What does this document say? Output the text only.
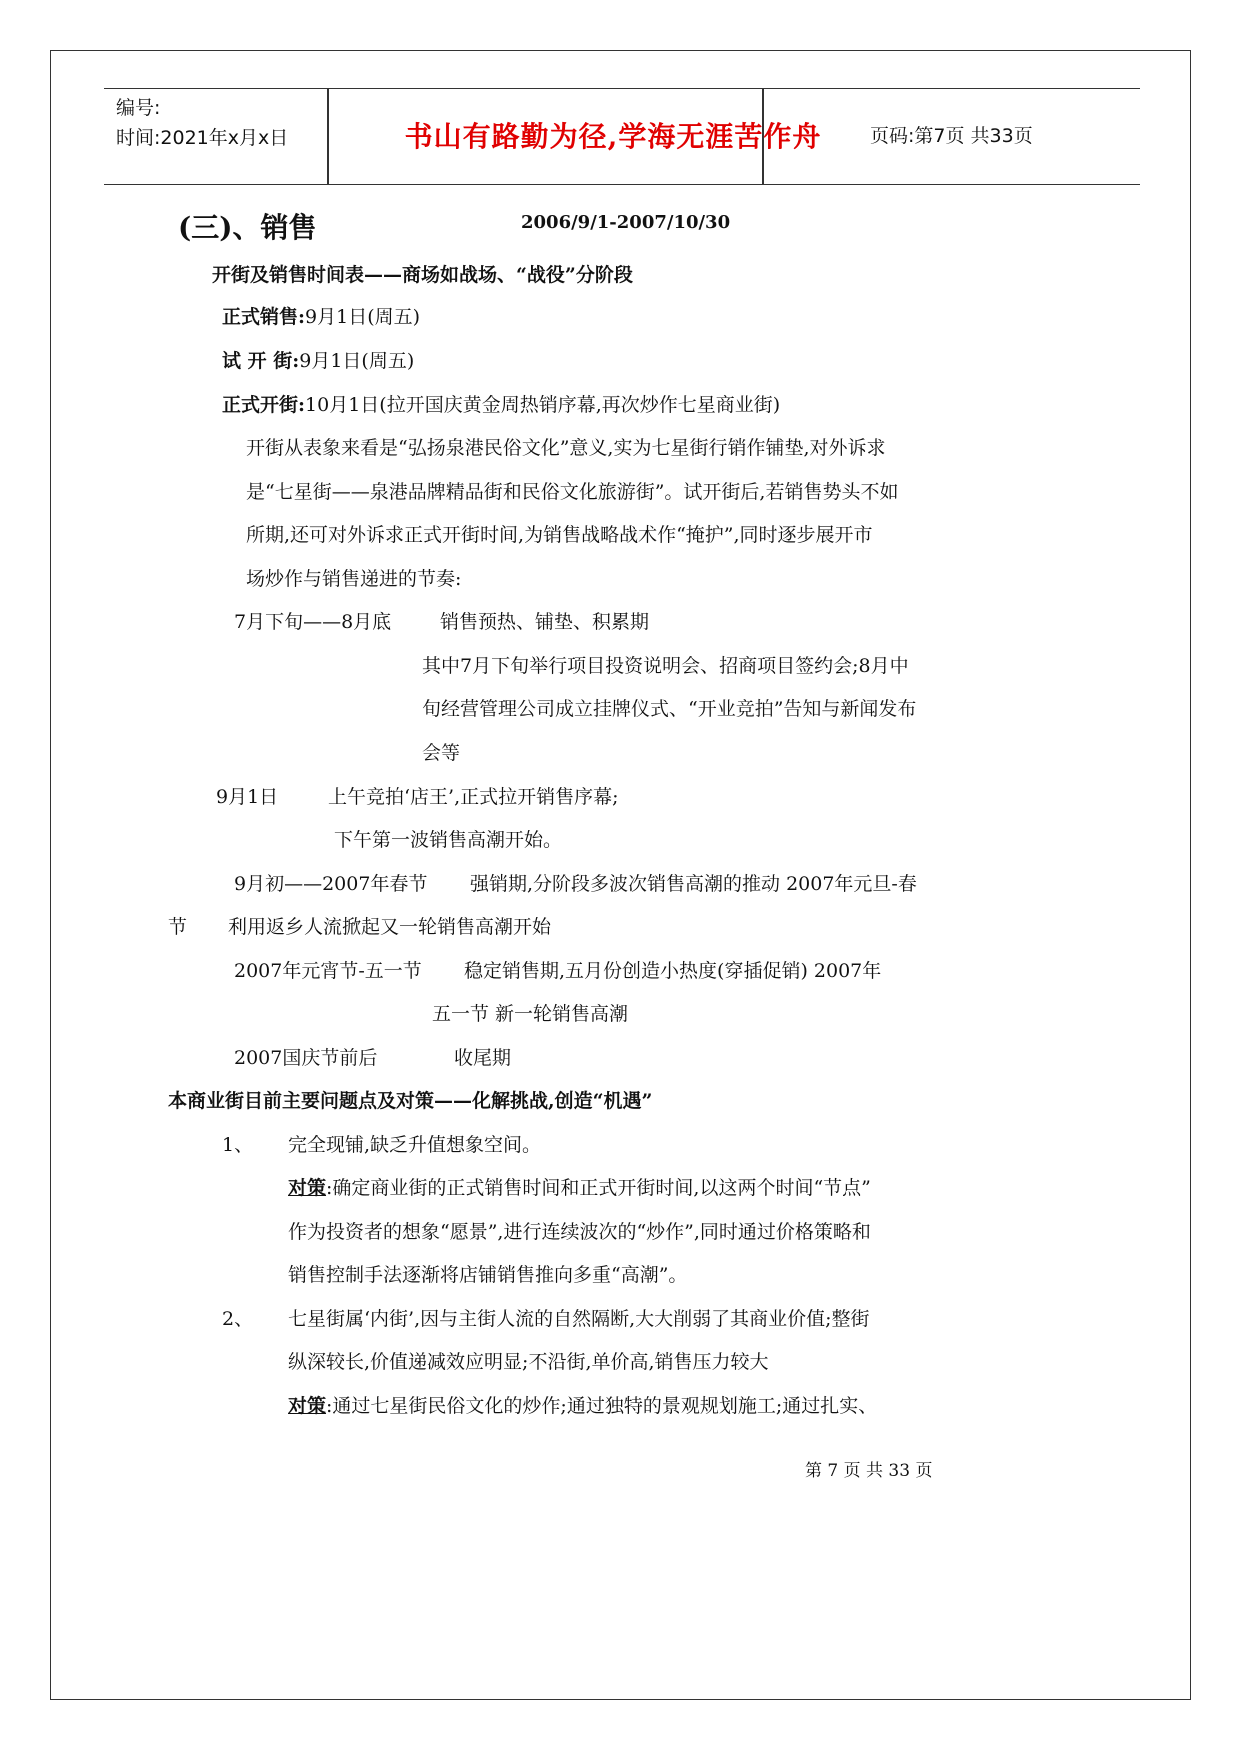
编号:
时间:2021年x月x日	书山有路勤为径,学海无涯苦作舟	页码:第7页 共33页
(三)、销售	2006/9/1-2007/10/30
开街及销售时间表——商场如战场、“战役”分阶段
正式销售:9月1日(周五)
试 开 街:9月1日(周五)
正式开街:10月1日(拉开国庆黄金周热销序幕,再次炒作七星商业街)
开街从表象来看是“弘扬泉港民俗文化”意义,实为七星街行销作铺垫,对外诉求
是“七星街——泉港品牌精品街和民俗文化旅游街”。试开街后,若销售势头不如
所期,还可对外诉求正式开街时间,为销售战略战术作“掩护”,同时逐步展开市
场炒作与销售递进的节奏:
7月下旬——8月底	销售预热、铺垫、积累期
其中7月下旬举行项目投资说明会、招商项目签约会;8月中
旬经营管理公司成立挂牌仪式、“开业竞拍”告知与新闻发布
会等
9月1日	上午竞拍‘店王’,正式拉开销售序幕;
下午第一波销售高潮开始。
9月初——2007年春节 强销期,分阶段多波次销售高潮的推动 2007年元旦-春
节 利用返乡人流掀起又一轮销售高潮开始
2007年元宵节-五一节 稳定销售期,五月份创造小热度(穿插促销) 2007年
五一节 新一轮销售高潮
2007国庆节前后	收尾期
本商业街目前主要问题点及对策——化解挑战,创造“机遇”
1、 完全现铺,缺乏升值想象空间。
对策:确定商业街的正式销售时间和正式开街时间,以这两个时间“节点”
作为投资者的想象“愿景”,进行连续波次的“炒作”,同时通过价格策略和
销售控制手法逐渐将店铺销售推向多重“高潮”。
2、 七星街属‘内街’,因与主街人流的自然隔断,大大削弱了其商业价值;整街
纵深较长,价值递减效应明显;不沿街,单价高,销售压力较大
对策:通过七星街民俗文化的炒作;通过独特的景观规划施工;通过扎实、
第 7 页 共 33 页
